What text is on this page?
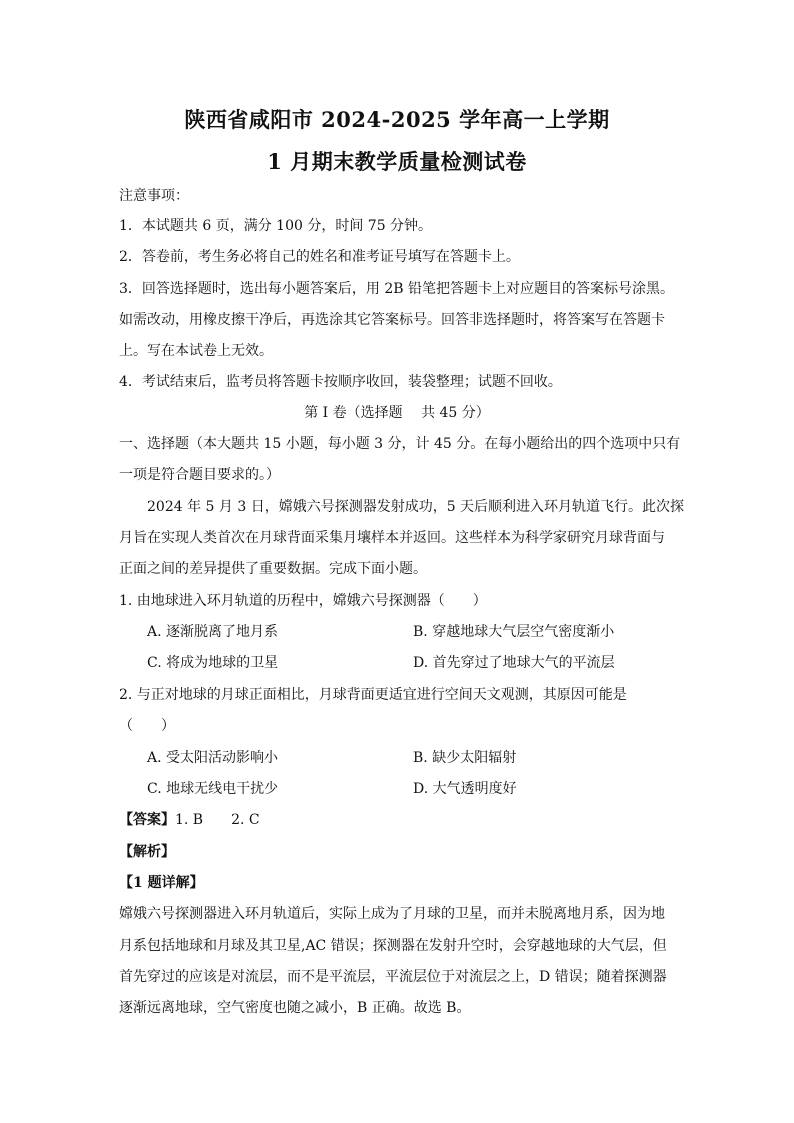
陕西省咸阳市 2024-2025 学年高一上学期
1 月期末教学质量检测试卷
注意事项：
1．本试题共 6 页，满分 100 分，时间 75 分钟。
2．答卷前，考生务必将自己的姓名和准考证号填写在答题卡上。
3．回答选择题时，选出每小题答案后，用 2B 铅笔把答题卡上对应题目的答案标号涂黑。
如需改动，用橡皮擦干净后，再选涂其它答案标号。回答非选择题时，将答案写在答题卡
上。写在本试卷上无效。
4．考试结束后，监考员将答题卡按顺序收回，装袋整理；试题不回收。
第 I 卷（选择题　 共 45 分）
一、选择题（本大题共 15 小题，每小题 3 分，计 45 分。在每小题给出的四个选项中只有
一项是符合题目要求的。）
2024 年 5 月 3 日，嫦娥六号探测器发射成功，5 天后顺利进入环月轨道飞行。此次探
月旨在实现人类首次在月球背面采集月壤样本并返回。这些样本为科学家研究月球背面与
正面之间的差异提供了重要数据。完成下面小题。
1. 由地球进入环月轨道的历程中，嫦娥六号探测器（　　）
A. 逐渐脱离了地月系	B. 穿越地球大气层空气密度渐小
C. 将成为地球的卫星	D. 首先穿过了地球大气的平流层
2. 与正对地球的月球正面相比，月球背面更适宜进行空间天文观测，其原因可能是
（　　）
A. 受太阳活动影响小	B. 缺少太阳辐射
C. 地球无线电干扰少	D. 大气透明度好
【答案】1. B 2. C
【解析】
【1 题详解】
嫦娥六号探测器进入环月轨道后，实际上成为了月球的卫星，而并未脱离地月系，因为地
月系包括地球和月球及其卫星,AC 错误；探测器在发射升空时，会穿越地球的大气层，但
首先穿过的应该是对流层，而不是平流层，平流层位于对流层之上，D 错误；随着探测器
逐渐远离地球，空气密度也随之减小，B 正确。故选 B。
